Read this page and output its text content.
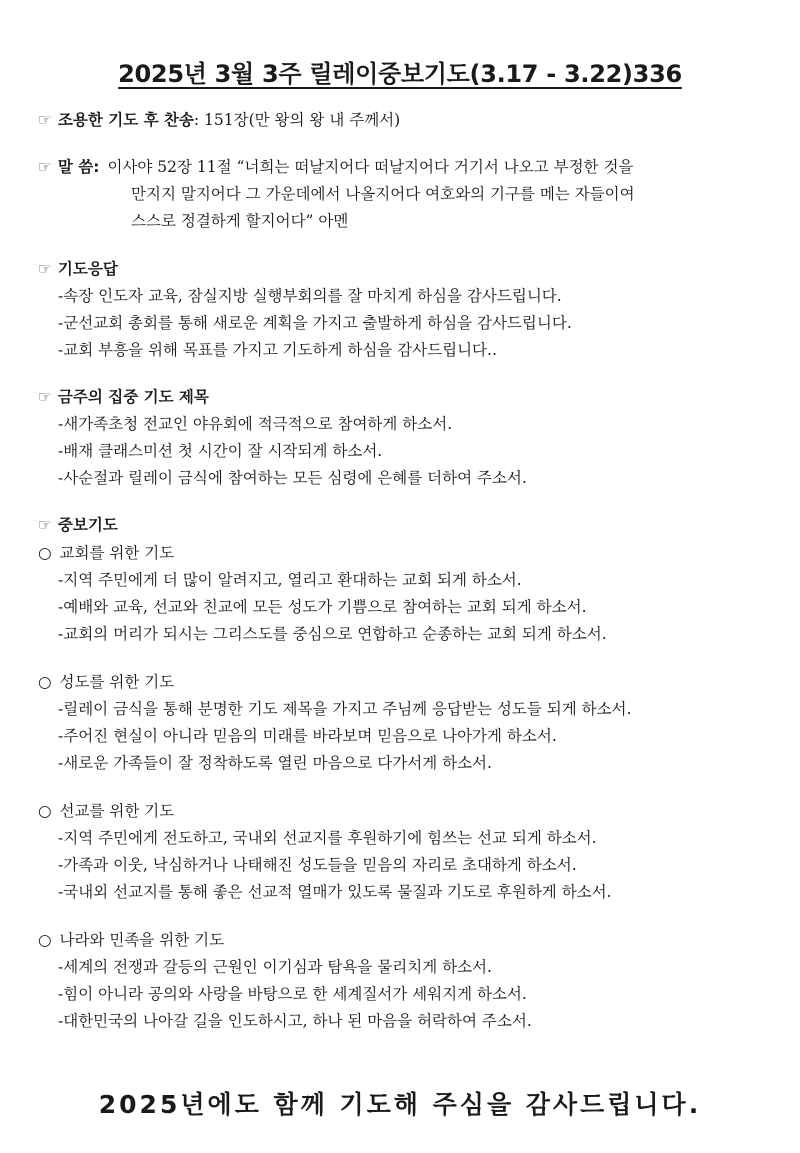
2025년 3월 3주 릴레이중보기도(3.17 - 3.22)336
☞ 조용한 기도 후 찬송: 151장(만 왕의 왕 내 주께서)
☞ 말 씀: 이사야 52장 11절 “너희는 떠날지어다 떠날지어다 거기서 나오고 부정한 것을
만지지 말지어다 그 가운데에서 나올지어다 여호와의 기구를 메는 자들이여
스스로 정결하게 할지어다” 아멘
☞ 기도응답
-속장 인도자 교육, 잠실지방 실행부회의를 잘 마치게 하심을 감사드립니다.
-군선교회 총회를 통해 새로운 계획을 가지고 출발하게 하심을 감사드립니다.
-교회 부흥을 위해 목표를 가지고 기도하게 하심을 감사드립니다..
☞ 금주의 집중 기도 제목
-새가족초청 전교인 야유회에 적극적으로 참여하게 하소서.
-배재 클래스미션 첫 시간이 잘 시작되게 하소서.
-사순절과 릴레이 금식에 참여하는 모든 심령에 은혜를 더하여 주소서.
☞ 중보기도
○ 교회를 위한 기도
-지역 주민에게 더 많이 알려지고, 열리고 환대하는 교회 되게 하소서.
-예배와 교육, 선교와 친교에 모든 성도가 기쁨으로 참여하는 교회 되게 하소서.
-교회의 머리가 되시는 그리스도를 중심으로 연합하고 순종하는 교회 되게 하소서.
○ 성도를 위한 기도
-릴레이 금식을 통해 분명한 기도 제목을 가지고 주님께 응답받는 성도들 되게 하소서.
-주어진 현실이 아니라 믿음의 미래를 바라보며 믿음으로 나아가게 하소서.
-새로운 가족들이 잘 정착하도록 열린 마음으로 다가서게 하소서.
○ 선교를 위한 기도
-지역 주민에게 전도하고, 국내외 선교지를 후원하기에 힘쓰는 선교 되게 하소서.
-가족과 이웃, 낙심하거나 나태해진 성도들을 믿음의 자리로 초대하게 하소서.
-국내외 선교지를 통해 좋은 선교적 열매가 있도록 물질과 기도로 후원하게 하소서.
○ 나라와 민족을 위한 기도
-세계의 전쟁과 갈등의 근원인 이기심과 탐욕을 물리치게 하소서.
-힘이 아니라 공의와 사랑을 바탕으로 한 세계질서가 세워지게 하소서.
-대한민국의 나아갈 길을 인도하시고, 하나 된 마음을 허락하여 주소서.
2025년에도 함께 기도해 주심을 감사드립니다.
